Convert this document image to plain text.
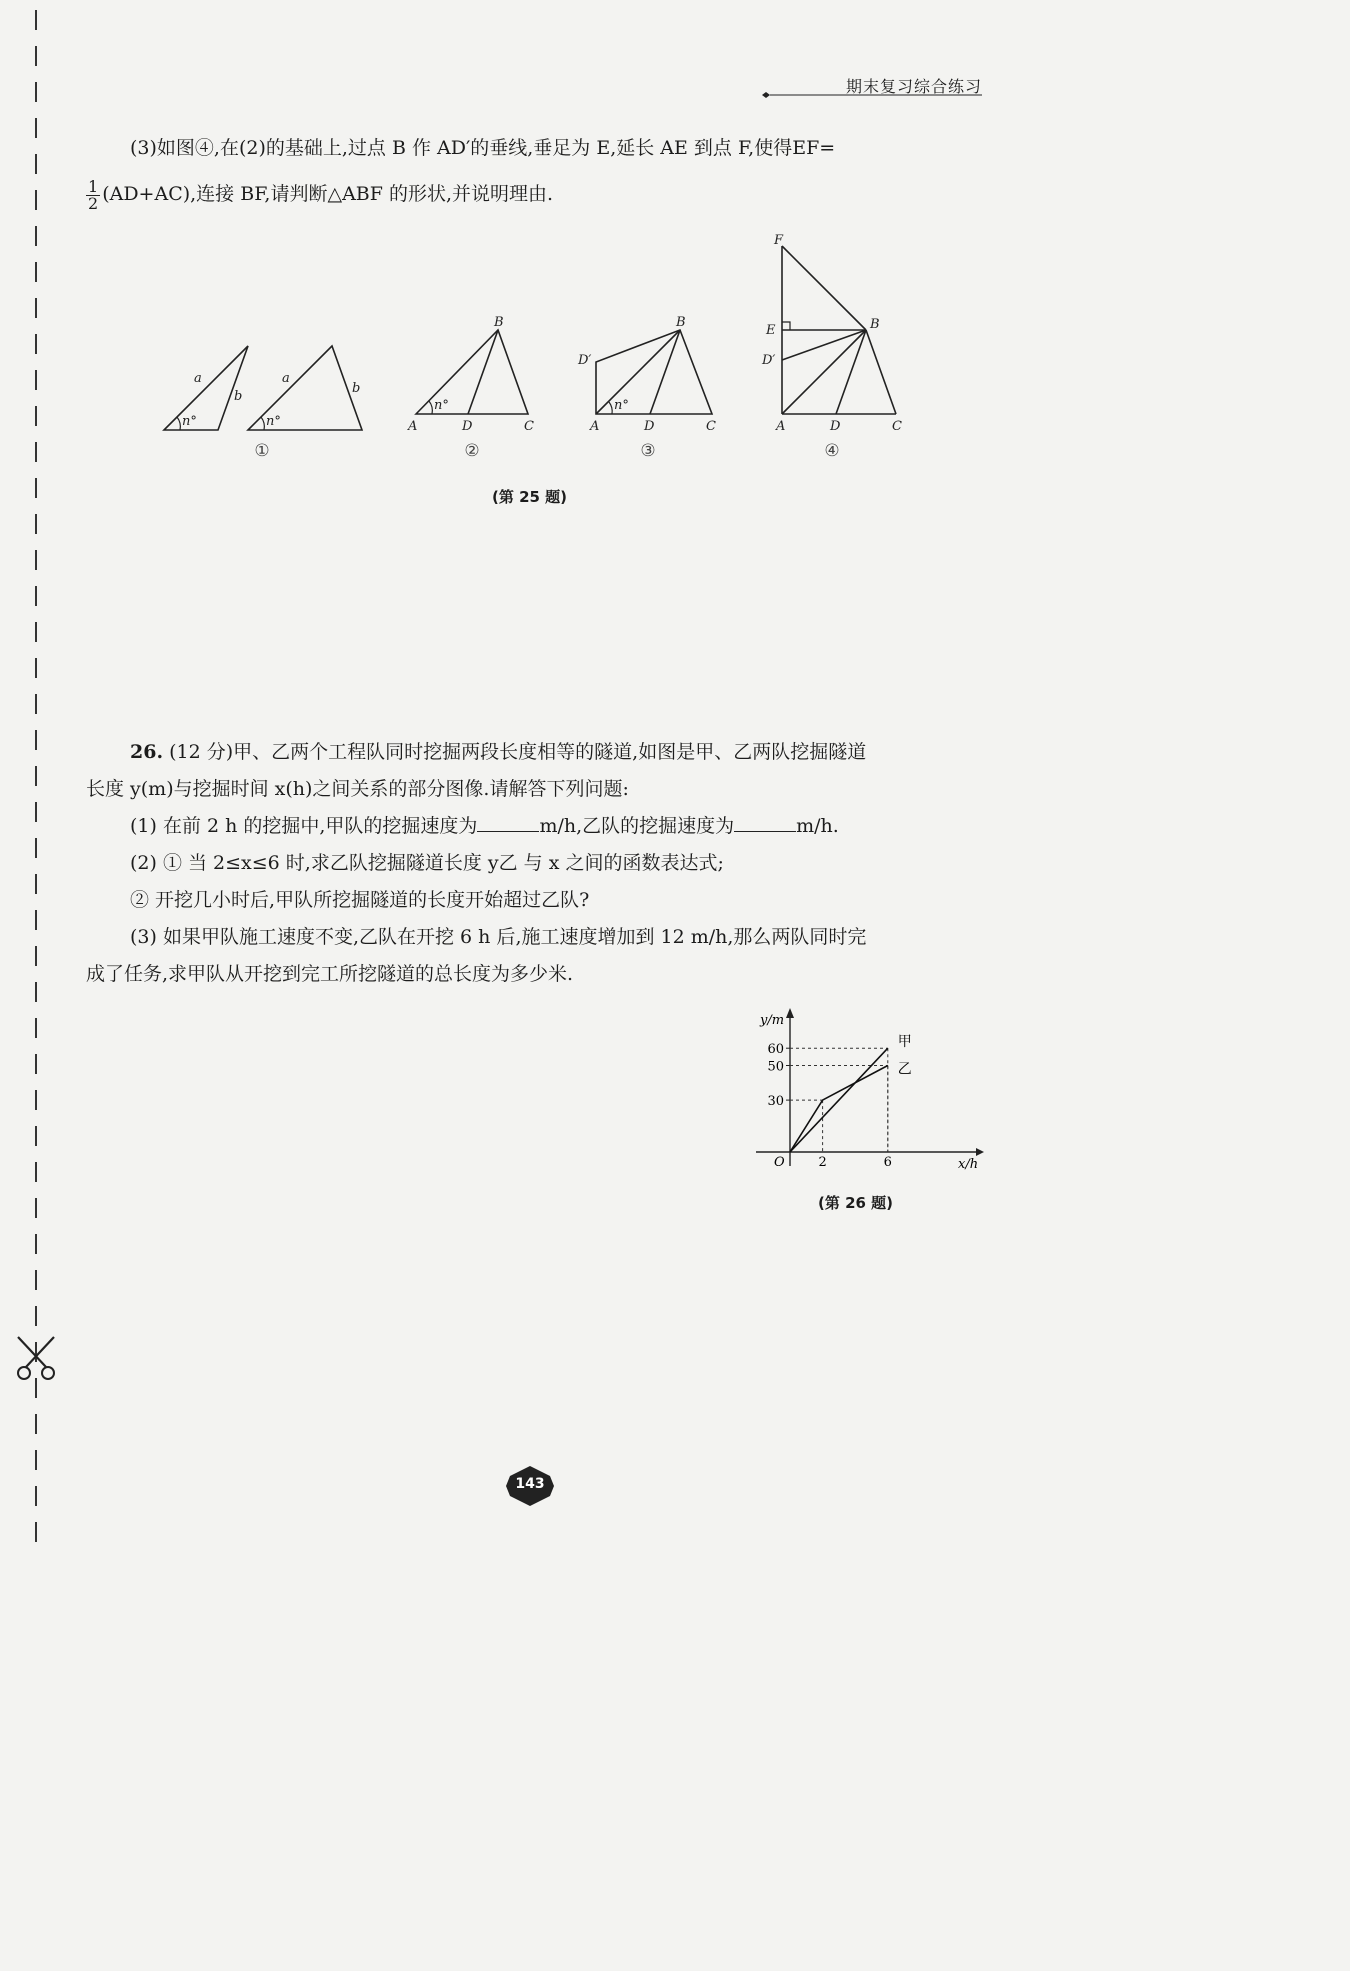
期末复习综合练习
(3)如图④,在(2)的基础上,过点 B 作 AD′的垂线,垂足为 E,延长 AE 到点 F,使得EF=
$\frac{1}{2} (AD+AC)$,连接 BF,请判断△ABF 的形状,并说明理由.
a
b
n°
a
b
n°
B
A	D	C
n°
B
D′
A	D	C
n°
F
E
D′
B
A	D	C
①	②	③	④
(第 25 题)
26. (12 分)甲、乙两个工程队同时挖掘两段长度相等的隧道,如图是甲、乙两队挖掘隧道
长度 y(m)与挖掘时间 x(h)之间关系的部分图像.请解答下列问题:
(1) 在前 2 h 的挖掘中,甲队的挖掘速度为	m/h,乙队的挖掘速度为	m/h.
(2) ① 当 2≤x≤6 时,求乙队挖掘隧道长度 y乙 与 x 之间的函数表达式;
② 开挖几小时后,甲队所挖掘隧道的长度开始超过乙队?
(3) 如果甲队施工速度不变,乙队在开挖 6 h 后,施工速度增加到 12 m/h,那么两队同时完
成了任务,求甲队从开挖到完工所挖隧道的总长度为多少米.
y/m
x/h
O	2	6
30
50
60	甲
乙
(第 26 题)
143
